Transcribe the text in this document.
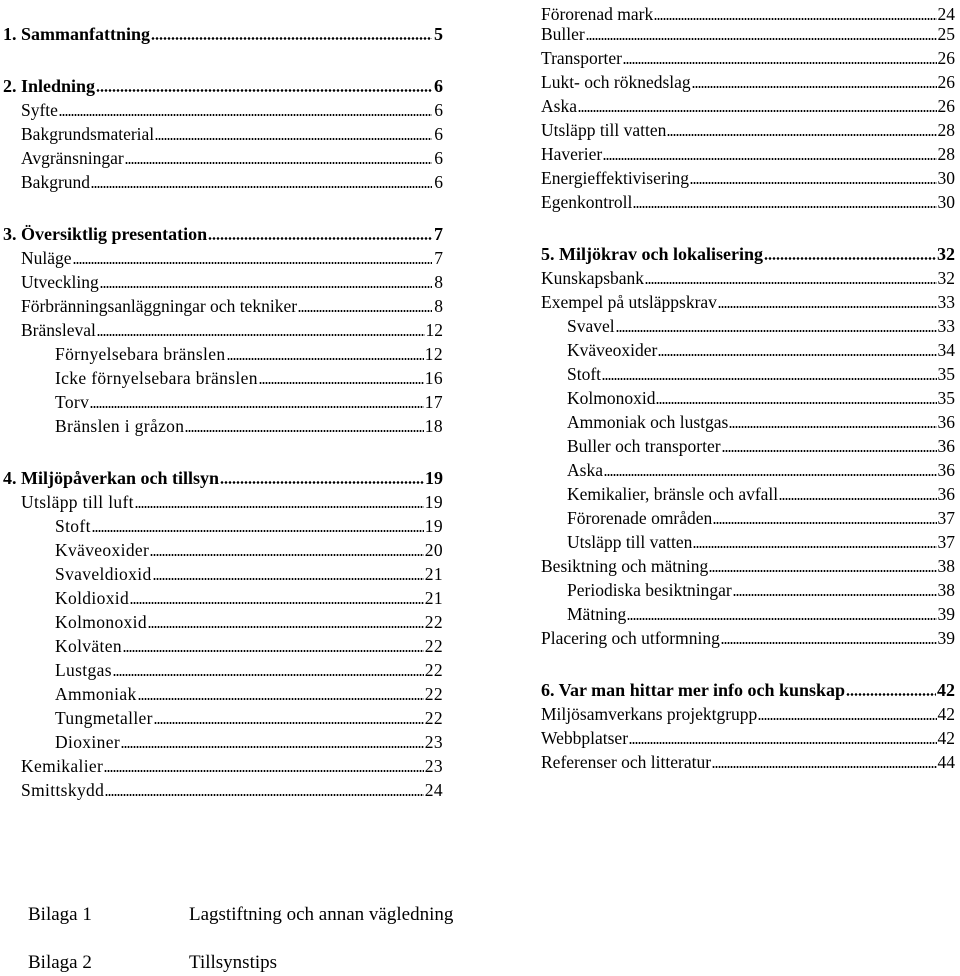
1. Sammanfattning	5
2. Inledning	6
Syfte	6
Bakgrundsmaterial	6
Avgränsningar	6
Bakgrund	6
3. Översiktlig presentation	7
Nuläge	7
Utveckling	8
Förbränningsanläggningar och tekniker	8
Bränsleval	12
Förnyelsebara bränslen	12
Icke förnyelsebara bränslen	16
Torv	17
Bränslen i gråzon	18
4. Miljöpåverkan och tillsyn	19
Utsläpp till luft	19
Stoft	19
Kväveoxider	20
Svaveldioxid	21
Koldioxid	21
Kolmonoxid	22
Kolväten	22
Lustgas	22
Ammoniak	22
Tungmetaller	22
Dioxiner	23
Kemikalier	23
Smittskydd	24
Förorenad mark	24
Buller	25
Transporter	26
Lukt- och röknedslag	26
Aska	26
Utsläpp till vatten	28
Haverier	28
Energieffektivisering	30
Egenkontroll	30
5. Miljökrav och lokalisering	32
Kunskapsbank	32
Exempel på utsläppskrav	33
Svavel	33
Kväveoxider	34
Stoft	35
Kolmonoxid	35
Ammoniak och lustgas	36
Buller och transporter	36
Aska	36
Kemikalier, bränsle och avfall	36
Förorenade områden	37
Utsläpp till vatten	37
Besiktning och mätning	38
Periodiska besiktningar	38
Mätning	39
Placering och utformning	39
6. Var man hittar mer info och kunskap	42
Miljösamverkans projektgrupp	42
Webbplatser	42
Referenser och litteratur	44
Bilaga 1	Lagstiftning och annan vägledning
Bilaga 2	Tillsynstips
